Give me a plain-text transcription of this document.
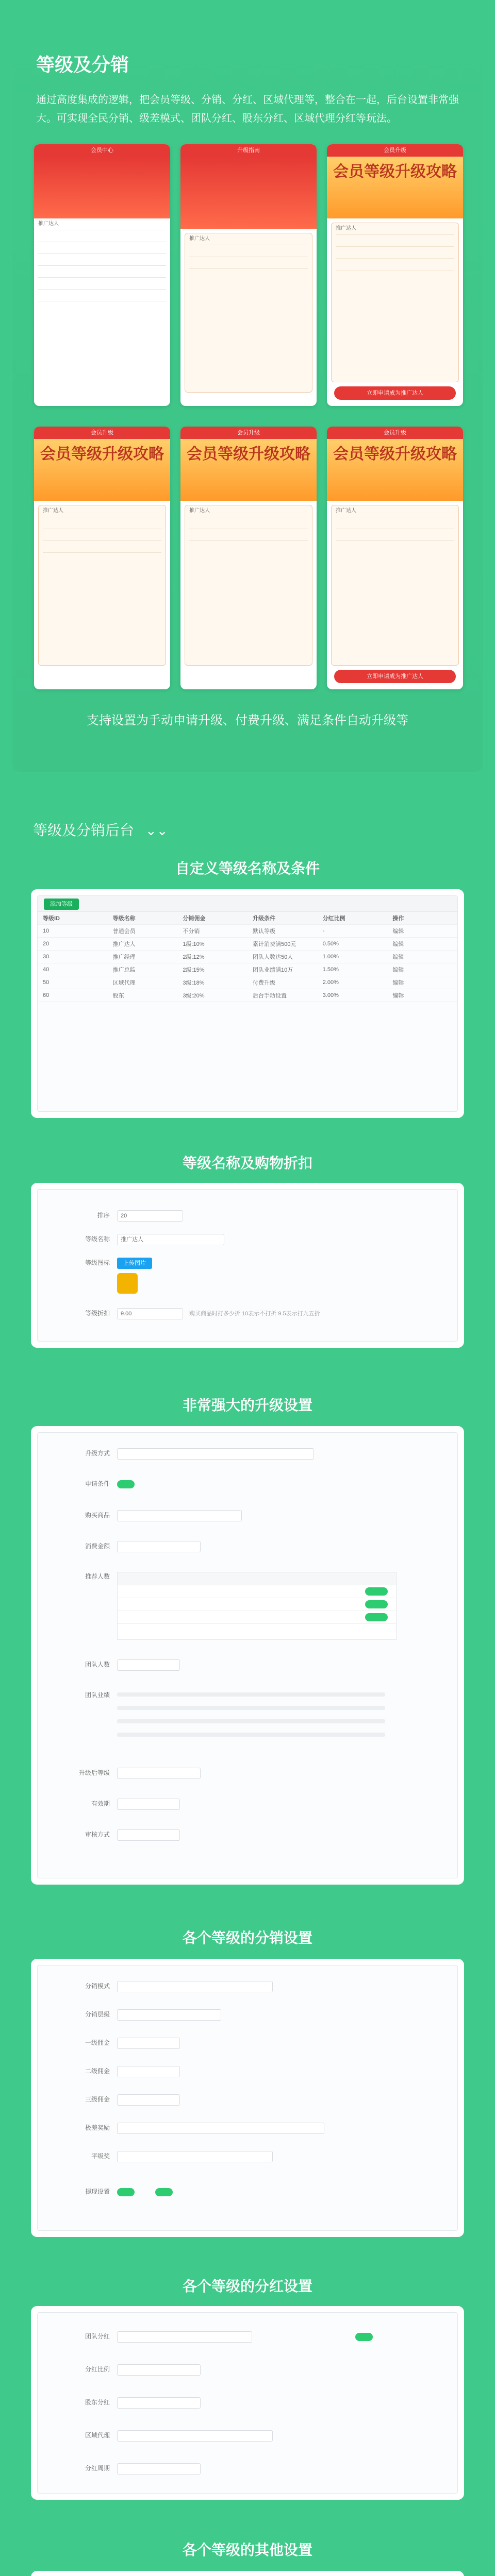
等级及分销

通过高度集成的逻辑，把会员等级、分销、分红、区域代理等，整合在一起，后台设置非常强大。可实现全民分销、级差模式、团队分红、股东分红、区域代理分红等玩法。

会员中心
推广达人
升级指南
推广达人
会员升级
会员等级升级攻略
推广达人
立即申请成为推广达人
会员升级
会员等级升级攻略
推广达人
会员升级
会员等级升级攻略
推广达人
会员升级
会员等级升级攻略
推广达人
立即申请成为推广达人
支持设置为手动申请升级、付费升级、满足条件自动升级等
等级及分销后台 ⌄⌄
自定义等级名称及条件
添加等级
等级ID	等级名称	分销佣金	升级条件	分红比例	操作
10	普通会员	不分销	默认等级	-	编辑
20	推广达人	1级:10%	累计消费满500元	0.50%	编辑
30	推广经理	2级:12%	团队人数达50人	1.00%	编辑
40	推广总监	2级:15%	团队业绩满10万	1.50%	编辑
50	区域代理	3级:18%	付费升级	2.00%	编辑
60	股东	3级:20%	后台手动设置	3.00%	编辑
等级名称及购物折扣
排序 20
等级名称 推广达人
等级图标 上传图片
等级折扣 9.00	购买商品时打多少折 10表示不打折 9.5表示打九五折
非常强大的升级设置
升级方式
申请条件
购买商品
消费金额
推荐人数
团队人数
团队业绩
升级后等级
有效期
审核方式
各个等级的分销设置
分销模式
分销层级
一级佣金
二级佣金
三级佣金
极差奖励
平级奖
提现设置
各个等级的分红设置
团队分红
分红比例
股东分红
区域代理
分红周期
各个等级的其他设置
